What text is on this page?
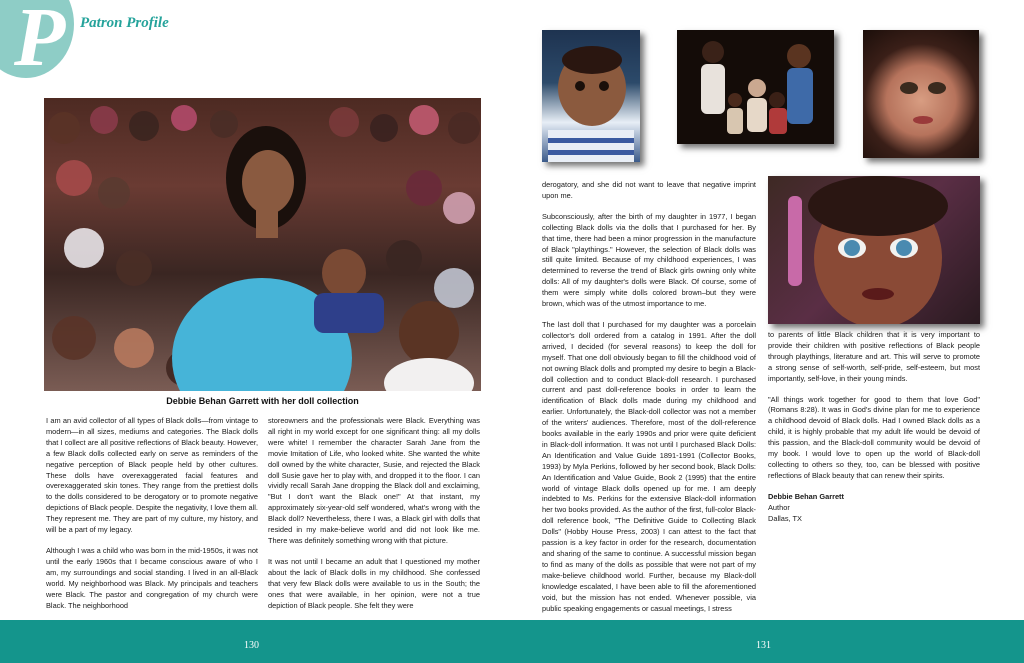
P Patron Profile
Debbie Behan Garrett with her doll collection

I am an avid collector of all types of Black dolls—from vintage to modern—in all sizes, mediums and categories. The Black dolls that I collect are all positive reflections of Black beauty. However, a few Black dolls collected early on serve as reminders of the negative perception of Black people held by other cultures. These dolls have overexaggerated facial features and overexaggerated skin tones. They range from the prettiest dolls to the dolls considered to be derogatory or to promote negative depictions of Black people. Despite the negativity, I love them all. They represent me. They are part of my culture, my history, and will be a part of my legacy.

Although I was a child who was born in the mid-1950s, it was not until the early 1960s that I became conscious aware of who I am, my surroundings and social standing. I lived in an all-Black world. My neighborhood was Black. My principals and teachers were Black. The pastor and congregation of my church were Black. The neighborhood

storeowners and the professionals were Black. Everything was all right in my world except for one significant thing: all my dolls were white! I remember the character Sarah Jane from the movie Imitation of Life, who looked white. She wanted the white doll owned by the white character, Susie, and rejected the Black doll Susie gave her to play with, and dropped it to the floor. I can vividly recall Sarah Jane dropping the Black doll and exclaiming, "But I don't want the Black one!" At that instant, my approximately six-year-old self wondered, what's wrong with the Black doll? Nevertheless, there I was, a Black girl with dolls that resided in my make-believe world and did not look like me. There was definitely something wrong with that picture.

It was not until I became an adult that I questioned my mother about the lack of Black dolls in my childhood. She confessed that very few Black dolls were available to us in the South; the ones that were available, in her opinion, were not a true depiction of Black people. She felt they were

derogatory, and she did not want to leave that negative imprint upon me.

Subconsciously, after the birth of my daughter in 1977, I began collecting Black dolls via the dolls that I purchased for her. By that time, there had been a minor progression in the manufacture of Black "playthings." However, the selection of Black dolls was still quite limited. Because of my childhood experiences, I was determined to reverse the trend of Black girls owning only white dolls: All of my daughter's dolls were Black. Of course, some of them were simply white dolls colored brown–but they were brown, which was of the utmost importance to me.

The last doll that I purchased for my daughter was a porcelain collector's doll ordered from a catalog in 1991. After the doll arrived, I decided (for several reasons) to keep the doll for myself. That one doll obviously began to fill the childhood void of not owning Black dolls and prompted my desire to begin a Black-doll collection and to conduct Black-doll research. I purchased current and past doll-reference books in order to learn the identification of Black dolls made during my childhood and earlier. Unfortunately, the Black-doll collector was not a member of the writers' audiences. Therefore, most of the doll-reference books available in the early 1990s and prior were quite deficient in Black-doll information. It was not until I purchased Black Dolls: An Identification and Value Guide 1891-1991 (Collector Books, 1993) by Myla Perkins, followed by her second book, Black Dolls: An Identification and Value Guide, Book 2 (1995) that the entire world of vintage Black dolls opened up for me. I am deeply indebted to Ms. Perkins for the extensive Black-doll information her two books provided. As the author of the first, full-color Black-doll reference book, "The Definitive Guide to Collecting Black Dolls" (Hobby House Press, 2003) I can attest to the fact that passion is a key factor in order for the research, documentation and sharing of the same to continue. A successful mission began to find as many of the dolls as possible that were not part of my make-believe childhood world. Further, because my Black-doll knowledge escalated, I have been able to fill the aforementioned void, but the mission has not ended. Whenever possible, via public speaking engagements or casual meetings, I stress

to parents of little Black children that it is very important to provide their children with positive reflections of Black people through playthings, literature and art. This will serve to promote a strong sense of self-worth, self-pride, self-esteem, but most importantly, self-love, in their young minds.

"All things work together for good to them that love God" (Romans 8:28). It was in God's divine plan for me to experience a childhood devoid of Black dolls. Had I owned Black dolls as a child, it is highly probable that my adult life would be devoid of this passion, and the Black-doll community would be devoid of my book. I would love to open up the world of Black-doll collecting to others so they, too, can be blessed with positive reflections of Black beauty that can renew their spirits.

Debbie Behan Garrett
Author
Dallas, TX
130	131
